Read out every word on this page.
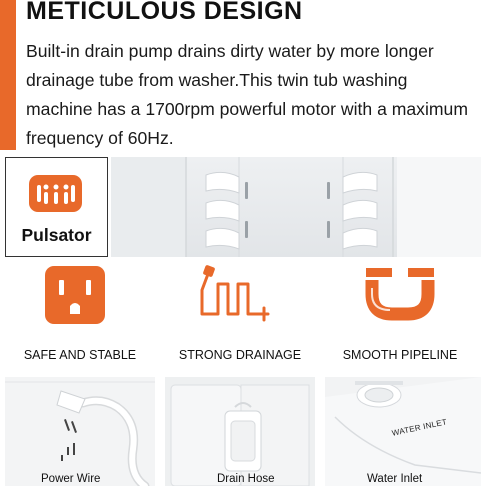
METICULOUS DESIGN
Built-in drain pump drains dirty water by more longer drainage tube from washer.This twin tub washing machine has a 1700rpm powerful motor with a maximum frequency of 60Hz.
Pulsator
SAFE AND STABLE	STRONG DRAINAGE	SMOOTH PIPELINE
Power Wire	Drain Hose
WATER INLET
Water Inlet
